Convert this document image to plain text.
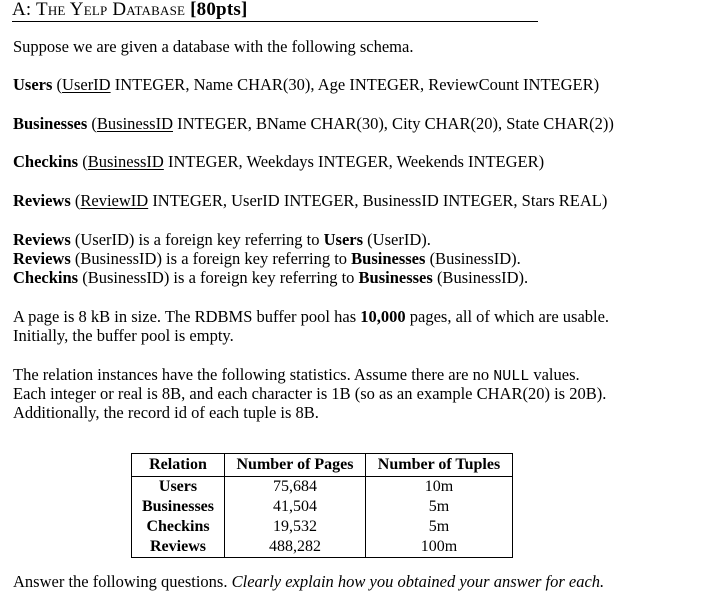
A: The Yelp Database [80pts]
Suppose we are given a database with the following schema.
Users (UserID INTEGER, Name CHAR(30), Age INTEGER, ReviewCount INTEGER)
Businesses (BusinessID INTEGER, BName CHAR(30), City CHAR(20), State CHAR(2))
Checkins (BusinessID INTEGER, Weekdays INTEGER, Weekends INTEGER)
Reviews (ReviewID INTEGER, UserID INTEGER, BusinessID INTEGER, Stars REAL)
Reviews (UserID) is a foreign key referring to Users (UserID).
Reviews (BusinessID) is a foreign key referring to Businesses (BusinessID).
Checkins (BusinessID) is a foreign key referring to Businesses (BusinessID).
A page is 8 kB in size. The RDBMS buffer pool has 10,000 pages, all of which are usable.
Initially, the buffer pool is empty.
The relation instances have the following statistics. Assume there are no NULL values.
Each integer or real is 8B, and each character is 1B (so as an example CHAR(20) is 20B).
Additionally, the record id of each tuple is 8B.
Relation	Number of Pages	Number of Tuples
Users	75,684	10m
Businesses	41,504	5m
Checkins	19,532	5m
Reviews	488,282	100m
Answer the following questions. Clearly explain how you obtained your answer for each.
